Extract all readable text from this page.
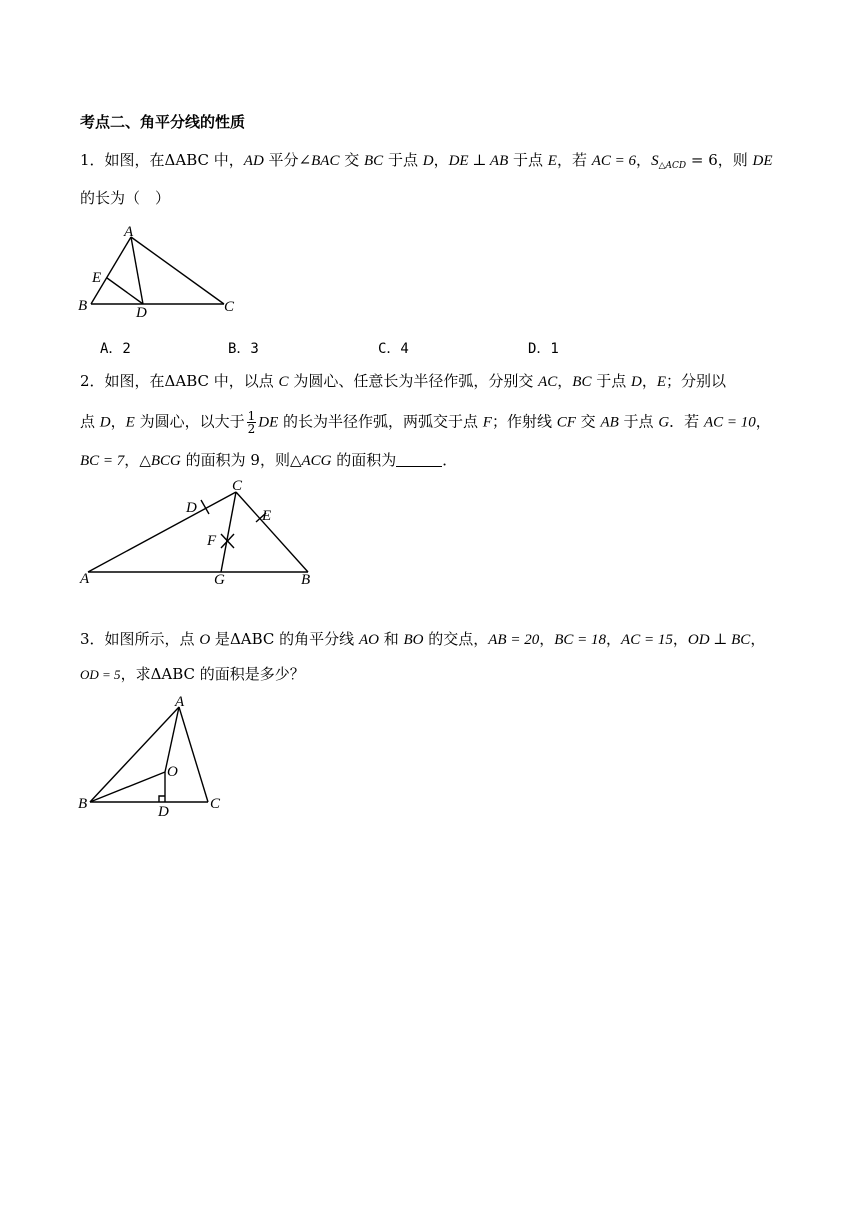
考点二、角平分线的性质
1．如图，在ΔABC 中，AD 平分∠BAC 交 BC 于点 D，DE ⊥ AB 于点 E，若 AC = 6，$S_{\triangle ACD} = 6$，则 DE
的长为（　）
A
E
B	D	C
A．2	B．3	C．4	D．1
2．如图，在ΔABC 中，以点 C 为圆心、任意长为半径作弧，分别交 AC，BC 于点 D，E；分别以
点 D，E 为圆心，以大于 $\frac{1}{2}$ DE 的长为半径作弧，两弧交于点 F；作射线 CF 交 AB 于点 G．若 AC = 10，
BC = 7，△BCG 的面积为 9，则△ACG 的面积为	．
C
D	E
F
A	G	B
3．如图所示，点 O 是ΔABC 的角平分线 AO 和 BO 的交点，AB = 20，BC = 18，AC = 15，OD ⊥ BC，
OD = 5，求ΔABC 的面积是多少？
A
O
B	D	C
